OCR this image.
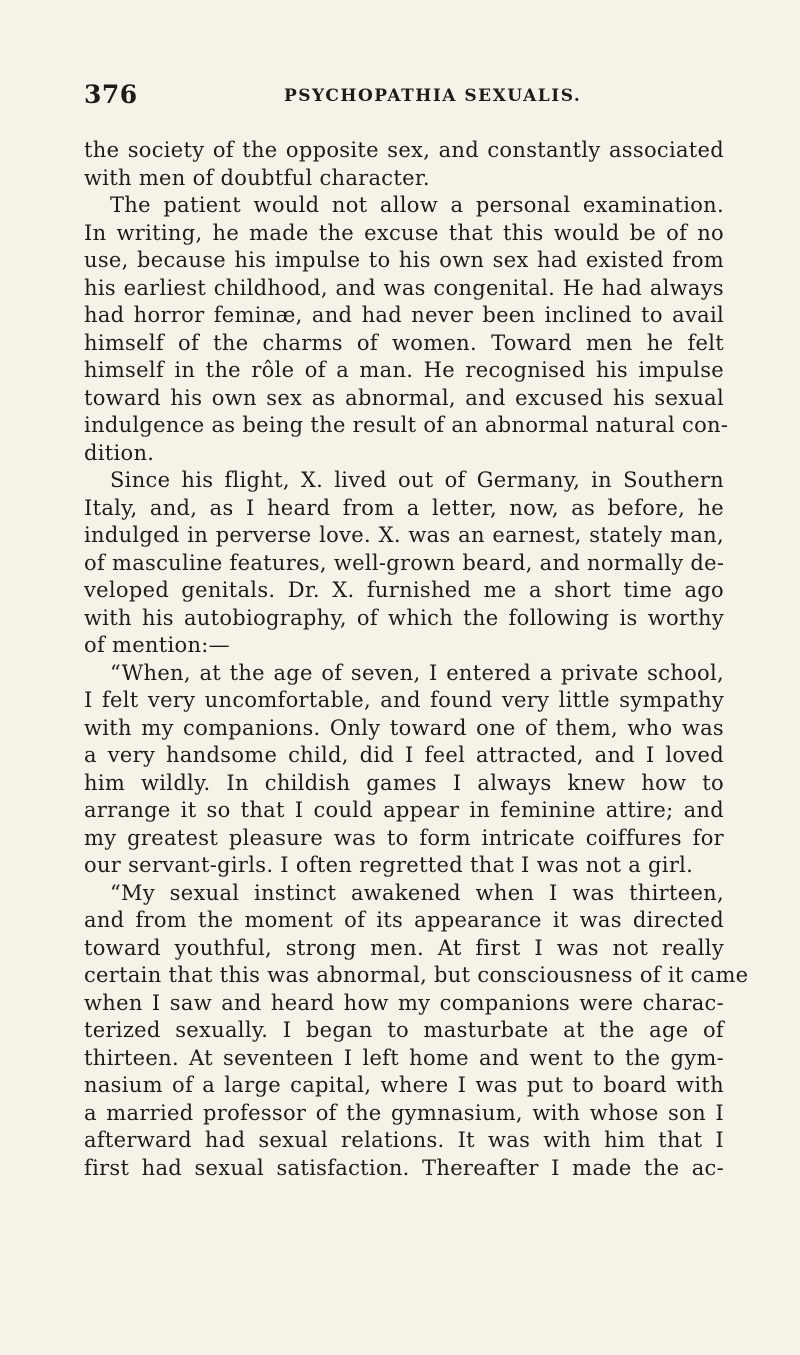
376	PSYCHOPATHIA SEXUALIS.
the society of the opposite sex, and constantly associated
with men of doubtful character.
The patient would not allow a personal examination.
In writing, he made the excuse that this would be of no
use, because his impulse to his own sex had existed from
his earliest childhood, and was congenital. He had always
had horror feminæ, and had never been inclined to avail
himself of the charms of women. Toward men he felt
himself in the rôle of a man. He recognised his impulse
toward his own sex as abnormal, and excused his sexual
indulgence as being the result of an abnormal natural con-
dition.
Since his flight, X. lived out of Germany, in Southern
Italy, and, as I heard from a letter, now, as before, he
indulged in perverse love. X. was an earnest, stately man,
of masculine features, well-grown beard, and normally de-
veloped genitals. Dr. X. furnished me a short time ago
with his autobiography, of which the following is worthy
of mention:—
“When, at the age of seven, I entered a private school,
I felt very uncomfortable, and found very little sympathy
with my companions. Only toward one of them, who was
a very handsome child, did I feel attracted, and I loved
him wildly. In childish games I always knew how to
arrange it so that I could appear in feminine attire; and
my greatest pleasure was to form intricate coiffures for
our servant-girls. I often regretted that I was not a girl.
“My sexual instinct awakened when I was thirteen,
and from the moment of its appearance it was directed
toward youthful, strong men. At first I was not really
certain that this was abnormal, but consciousness of it came
when I saw and heard how my companions were charac-
terized sexually. I began to masturbate at the age of
thirteen. At seventeen I left home and went to the gym-
nasium of a large capital, where I was put to board with
a married professor of the gymnasium, with whose son I
afterward had sexual relations. It was with him that I
first had sexual satisfaction. Thereafter I made the ac-
